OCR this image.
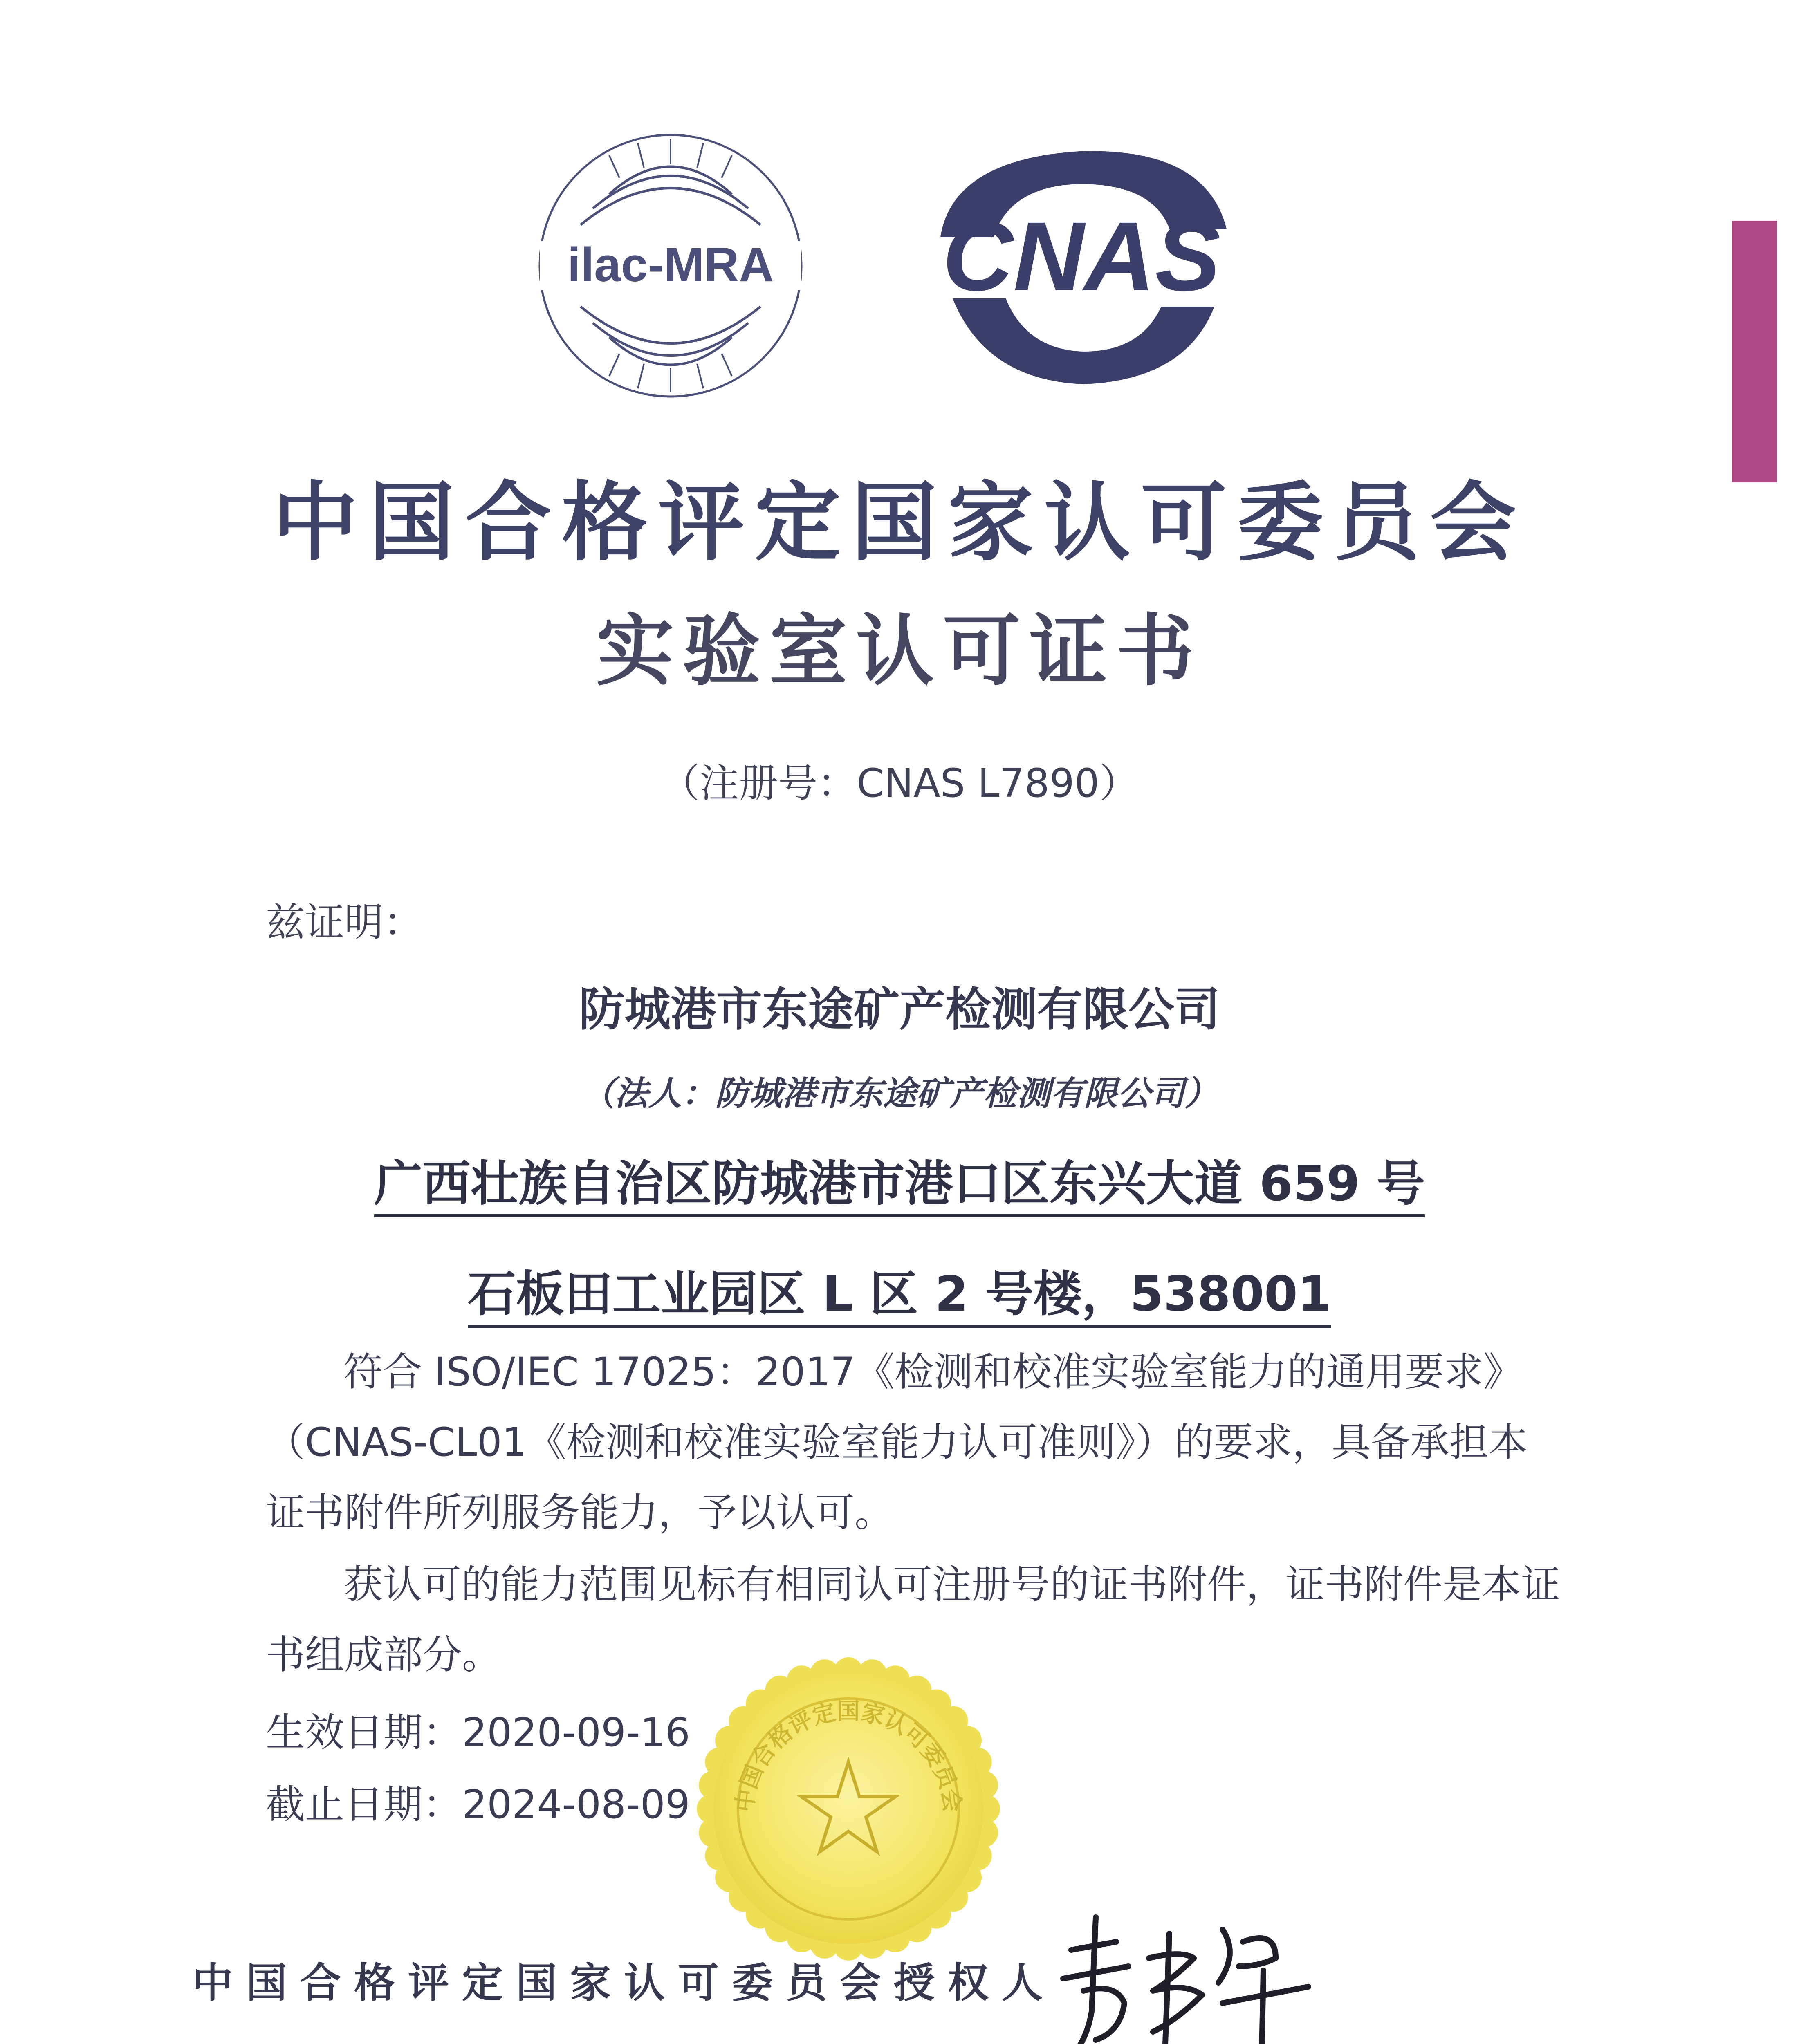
ilac-MRA CNAS
中国合格评定国家认可委员会
实验室认可证书
（注册号：CNAS L7890）
兹证明：
防城港市东途矿产检测有限公司
（法人：防城港市东途矿产检测有限公司）
广西壮族自治区防城港市港口区东兴大道 659 号
石板田工业园区 L 区 2 号楼，538001
符合 ISO/IEC 17025：2017《检测和校准实验室能力的通用要求》（CNAS-CL01《检测和校准实验室能力认可准则》）的要求，具备承担本证书附件所列服务能力，予以认可。
获认可的能力范围见标有相同认可注册号的证书附件，证书附件是本证书组成部分。
生效日期：2020-09-16
截止日期：2024-08-09 中国合格评定国家认可委员会
中国合格评定国家认可委员会授权人
